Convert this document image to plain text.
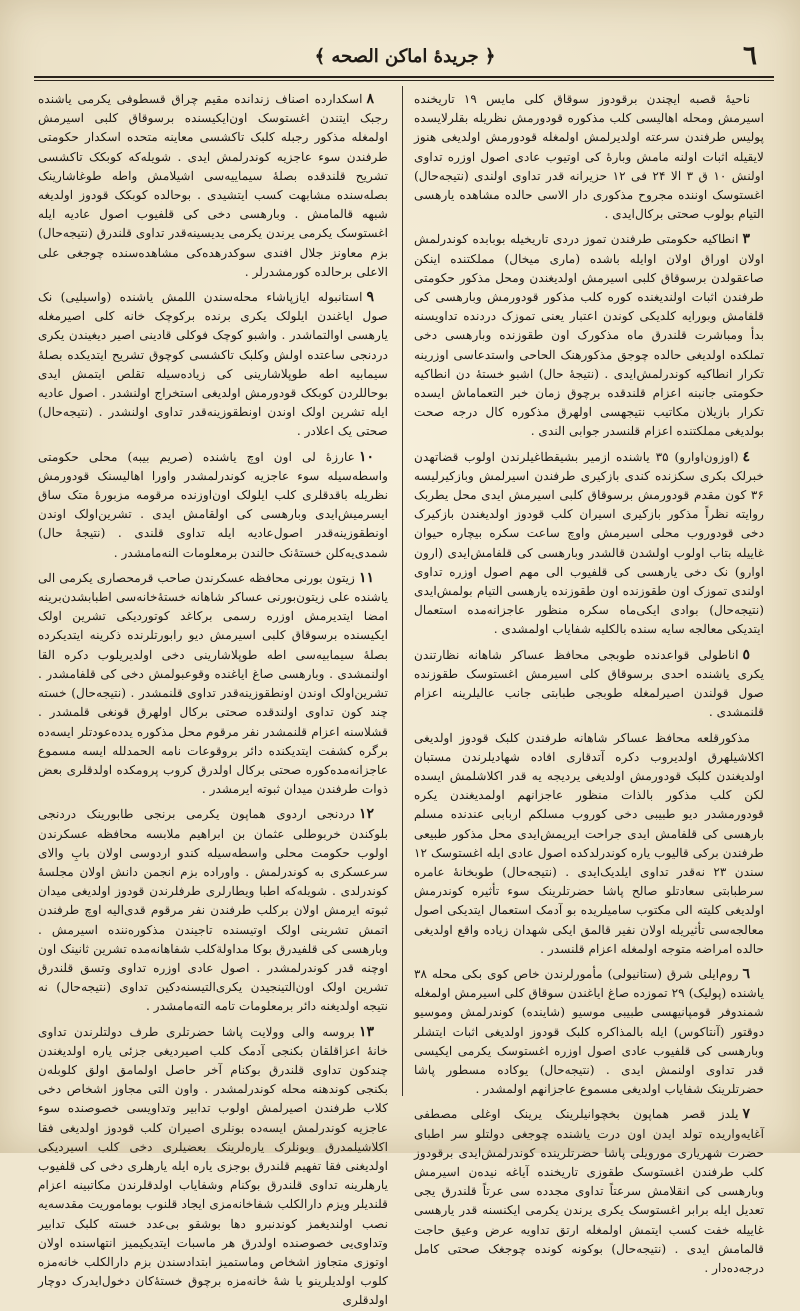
٦
﴿ جريدهٔ اماكن الصحه ﴾

ناحیهٔ قصبه ایچندن برقودوز سوقاق کلی مایس ۱۹ تاریخنده اسیرمش ومحله اهالیسی کلب مذکوره قودورمش نظریله بقلرلایسده پولیس طرفندن سرعته اولدیرلمش اولمغله قودورمش اولدیغی هنوز لایقیله اثبات اولنه مامش وبارهٔ کی اوتیوب عادی اصول اوزره تداوی اولنش ۱۰ ق ۳ الا ۲۴ فی ۱۲ حزیرانه قدر تداوی اولندی (نتیجه‌حال) اغستوسک اوننده مجروح مذکوری دار الاسی حالده مشاهده یارهسی التیام بولوب صحتی برکال‌ایدی .

٣انطاکیه حکومتی طرفندن تموز دردی تاریخیله بوبابده کوندرلمش اولان اوراق اولان اوایله باشده (ماری میخال) مملکتنده اینکن صاعقولدن برسوقاق کلبی اسیرمش اولدیغندن ومحل مذکور حکومتی طرفندن اثبات اولندیغنده کوره کلب مذکور قودورمش وبارهسی کی قلفامش وبورایه کلدیکی کوندن اعتبار یعنی تموزک دردنده تداویسنه بدأ ومباشرت قلندرق ماه مذکورک اون طقوزنده وبارهسی دخی تملکده اولدیغی حالده چوجق مذکورهنک الحاحی واستدعاسی اوزرینه تکرار انطاکیه کوندرلمش‌ایدی . (نتیجهٔ حال) اشبو خستهٔ دن انطاکیه حکومتی جانبنه اعزام قلندقده برچوق زمان خبر التعماماش ایسده تکرار بازیلان مکاتیب نتیجهسی اولهرق مذکوره کال درجه صحت بولدیغی مملکتنده اعزام قلنسدر جوابی‌ الندی .

٤(اوزون‌اوارو) ۳۵ یاشنده ازمیر بشیقطاغیلرندن اولوب قضاتهدن خبرلک بکری سکزنده کندی بازکیری طرفندن اسیرلمش وبازکیرلیسه ۳۶ کون مقدم قودورمش برسوقاق کلبی اسیرمش ایدی محل یطربک روایته نظراً مذکور بازکیری اسیران کلب قودوز اولدیغندن بازکیرک دخی قودوروب محلی اسیرمش واوچ ساعت سکره بیچاره حیوان غاییله بتاب اولوب اولشدن قالشدر وبارهسی کی قلفامش‌ایدی (ارون اوارو) نک دخی یارهسی کی قلفیوب الی مهم اصول اوزره تداوی اولندی تموزک اون طقوزنده اون طقوزنده یارهسی التیام بولمش‌ایدی (نتیجه‌حال) بوادی ایکی‌ماه سکره منظور عاجزانه‌مده استعمال ایتدیکی معالجه سایه سنده بالکلیه شفایاب اولمشدی .

٥اناطولی قواعدنده طوبجی محافظ عساکر شاهانه نظارتندن یکری یاشنده احدی برسوقاق کلی اسیرمش اغستوسک طقوزنده صول قولندن اصیرلمغله طوبجی طبابتی جانب عالیلرینه اعزام قلنمشدی .

مذکورقلعه محافظ عساکر شاهانه طرفندن کلبک قودوز اولدیغی اکلاشیلهرق اولدیروب دکره آتدقاری افاده شهادیلرندن مستبان اولدیغندن کلبک قودورمش اولدیغی یردیجه یه قدر اکلاشلمش ایسده لکن کلب مذکور بالذات منظور عاجزانهم اولمدیغندن یکره قودورمشدر دیو طبیبی دخی کوروب مسلکم اربابی عندنده مسلم بارهسی کی قلفامش ایدی جراحت ایریمش‌ایدی محل مذکور طبیعی طرفندن برکی قالیوب یاره کوندرلدکده اصول عادی ایله اغستوسک ۱۲ سندن ۲۳ نه‌قدر تداوی ایلدیک‌ایدی . (نتیجه‌حال) طوبخانهٔ عامره سرطبابتی سعادتلو صالح پاشا حضرتلرینک سوء تأثیره کوندرمش اولدیغی کلیته الی مکتوب سامیلریده بو آدمک استعمال ایتدیکی اصول معالجه‌سی تأثیریله اولان نفیر قالمق ایکی شهدان زیاده واقع اولدیغی حالده امراضه متوجه اولمغله اعزام قلنسدر .

٦روم‌ایلی شرق (ستانیولی) مأمورلرندن خاص کوی بکی محله ۳۸ یاشنده (پولیک) ۲۹ تموزده صاغ ایاغندن سوقاق کلی اسیرمش اولمغله شمندوفر قومپانیهسی طبیبی موسیو (شاینده) کوندرلمش وموسیو دوقتور (آنتاکوس) ایله بالمذاکره کلبک قودوز اولدیغی اثبات ایتشلر وبارهسی کی قلفیوب عادی اصول اوزره اغستوسک یکرمی ایکیسی قدر تداوی اولنمش ایدی . (نتیجه‌حال) یوکاده مسطور پاشا حضرتلرینک شفایاب اولدیغی مسموع عاجزانهم اولمشدر .

٧یلدز قصر هماپون بخچوانیلرینک یرینک اوغلی مصطفی آغایه‌واریده تولد ایدن اون درت یاشنده چوجغی دولتلو سر اطبای حضرت شهریاری مورویلی پاشا حضرتلرینده کوندرلمش‌ایدی برقودوز کلب طرفندن اغستوسک طقوزی تاریخنده آیاغه نیده‌ن اسیرمش وبارهسی کی انقلامش سرعتاً تداوی مجدده سی عرتاً قلندرق یجی تعدیل ایله برابر اغستوسک یکری یرندن یکرمی ایکنسنه قدر یارهسی غاییله خفت کسب ایتمش اولمغله ارتق تداویه عرض وعیق حاجت قالمامش ایدی . (نتیجه‌حال) بوکونه کونده چوجغک صحتی کامل درجه‌ده‌دار .

٨اسکدارده اصناف زندانده مقیم چراق قسطوفی یکرمی یاشنده رجبک ایتندن اغستوسک اون‌ایکیسنده برسوقاق کلبی اسیرمش اولمغله مذکور رجبله کلبک تاکشسی معاینه متحده اسکدار حکومتی طرفندن سوء عاجزیه کوندرلمش ایدی . شویله‌که کوبکک تاکشسی تشریح قلندقده بصلهٔ سیماییه‌سی اشیلامش واطه طوغاشارینک بصله‌سنده مشابهت کسب ایتشیدی . بوحالده کوبکک قودوز اولدیغه شبهه قالمامش . وبارهسی دخی کی قلفیوب اصول عادیه ایله اغستوسک یکرمی یرندن یکرمی یدیسینه‌قدر تداوی قلندرق (نتیجه‌حال) بزم معاونز جلال افندی سوکدرهده‌کی مشاهده‌سنده چوجغی علی الاعلی برحالده کورمشدرلر .

٩استانبوله ایازپاشاء محله‌سندن اللمش یاشنده (واسیلیی) نک صول ایاغندن ایلولک یکری برنده برکوچک خانه کلی اصیرمغله یارهسی اوالتماشدر . واشبو کوچک فوکلی قادینی اصیر دیغیندن یکری دردنجی ساعتده اولش وکلبک تاکشسی کوچوق تشریح ایتدیکده بصلهٔ سیمابیه اطه طوپلاشارینی کی زیاده‌سیله تقلص ایتمش ایدی بوحاللردن کوبکک قودورمش اولدیغی استخراج اولنشدر . اصول عادیه ایله تشرین اولک اوندن اونطقوزینه‌قدر تداوی اولنشدر . (نتیجه‌حال) صحتی یک اعلادر .

١٠عارزهٔ لی اون اوچ یاشنده (صریم بیبه) محلی حکومتی واسطه‌سیله سوء عاجزیه کوندرلمشدر واورا اهالیسنک قودورمش نظریله باقدقلری کلب ایلولک اون‌اوزنده مرقومه مزبورهٔ متک ساق ایسرمیش‌ایدی وبارهسی کی اولقامش ایدی . تشرین‌اولک اوندن اونطقوزینه‌قدر اصول‌عادیه ایله تداوی قلندی . (نتیجهٔ حال) شمدی‌یه‌کلن خستهٔ‌نک حالندن برمعلومات النه‌مامشدر .

١١زیتون بورنی محافظه عسکرندن صاحب قرمحصاری یکرمی الی یاشنده علی زیتون‌بورنی عساکر شاهانه خستهٔ‌خانه‌سی اطبابشدن‌برینه امضا ایتدیرمش اوزره رسمی برکاغد کوتوردیکی تشرین اولک ایکیسنده برسوقاق کلبی اسیرمش دیو رابورتلرنده ذکرینه ایتدیکرده بصلهٔ سیمابیه‌سی اطه طوپلاشارینی دخی اولدیریلوب دکره القا اولنمشدی . وبارهسی صاغ ایاغنده وقوعبولمش دخی کی قلفامشدر . تشرین‌اولک اوندن اونطقوزینه‌قدر تداوی قلنمشدر . (نتیجه‌حال) خسته چند کون تداوی اولندقده صحتی برکال اولهرق قونغی قلمشدر . قشلاسنه اعزام قلنمشدر نفر مرقوم محل مذکوره یدده‌عودتلر ایسه‌ده برگره کشفت ایتدیکنده دائر بروقوعات نامه الحمدلله ایسه مسموع عاجزانه‌مده‌کوره صحتی برکال اولدرق کروب پرومکده اولدقلری بعض ذوات طرفندن میدان ثبوته ایرمشدر .

١٢دردنجی اردوی هماپون یکرمی برنجی طابورینک دردنجی بلوکندن خربوطلی عثمان بن ابراهیم ملابسه محافظه عسکرندن اولوب حکومت محلی واسطه‌سیله کندو اردوسی اولان بابِ والای سرعسکری به کوندرلمش . واوراده بزم انجمن دانش اولان مجلسهٔ کوندرلدی . شویله‌که اطبا ویطارلری طرفلرندن قودوز اولدیغی میدان ثبوته ایرمش اولان برکلب طرفندن نفر مرقوم قدی‌الیه اوچ طرفندن اتمش تشرینی اولک اوتیسنده تاجیندن مذکوره‌ننده اسیرمش . وبارهسی کی قلفیدرق بوکا مداولة‌کلب شفاهانه‌مده تشرین ثانینک اون اوچنه‌ قدر کوندرلمشدر . اصول عادی اوزره تداوی وتسق قلندرق تشرین اولک اون‌التینجیدن یکری‌التیسنه‌دکین تداوی (نتیجه‌حال) نه نتیجه اولدیغنه دائر برمعلومات تامه الته‌مامشدر .

١٣بروسه والی وولایت پاشا حضرتلری طرف دولتلرندن تداوی خانهٔ اعزاقلقان بکنجی آدمک کلب اصیردیغی جزئی یاره اولدیغندن چندکون تداوی قلندرق بوکنام آخر حاصل اولمامق اولق کلوبله‌ن بکنجی کوندهنه محله کوندرلمشدر . واون التی مجاوز اشخاص دخی کلاب طرفندن اصیرلمش اولوب تدابیر وتداویسی خصوصنده سوء عاجزیه کوندرلمش ایسه‌ده بونلری اصیران کلب قودوز اولدیغی فقا اکلاشیلمدرق وبونلرک یاره‌لرینک بعضیلری دخی کلب اسیردیکی اولدیغنی فقا تفهیم قلندرق بوجزی یاره ایله یارهلری دخی کی قلفیوب یارهلرینه تداوی قلندرق بوکنام وشفایاب اولدقلرندن مکاتبینه اعزام قلندیلر ویزم دارالکلب شفاخانه‌مزی ایجاد قلنوب بوماموریت مقدسه‌یه نصب اولندیغمز کوندنبرو دها بوشقو بی‌عدد خسته کلبک تدابیر وتداوی‌یی خصوصنده اولدرق هر ماسبات ایتدیکیمیز انتهاسنده اولان اوتوزی متجاوز اشخاص وماستمیز ابتدادسندن بزم دارالکلب خانه‌مزه کلوب اولدیلرینو یا شهٔ خانه‌مزه برچوق خستهٔ‌کان دخول‌ایدرک دوچار اولدقلری
